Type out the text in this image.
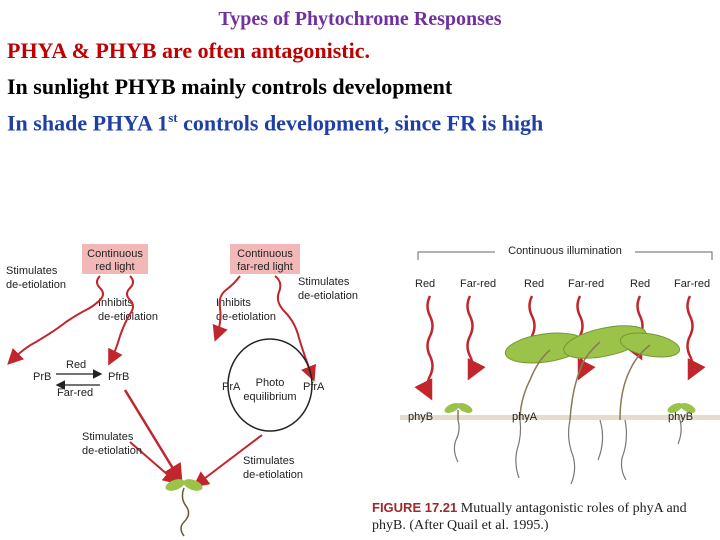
Types of Phytochrome Responses
PHYA & PHYB are often antagonistic.
In sunlight PHYB mainly controls development
In shade PHYA 1st controls development, since FR is high
Continuous
red light
Continuous
far-red light
Stimulates
de-etiolation	Stimulates
de-etiolation
Inhibits
de-etiolation
Inhibits
de-etiolation
PrB	PfrB
Red
Far-red	PrA	PfrA
Photo
equilibrium
Stimulates
de-etiolation
Stimulates
de-etiolation
Continuous illumination
Red Far-red	Red Far-red Red Far-red
phyB	phyA	phyB
FIGURE 17.21 Mutually antagonistic roles of phyA and phyB. (After Quail et al. 1995.)
